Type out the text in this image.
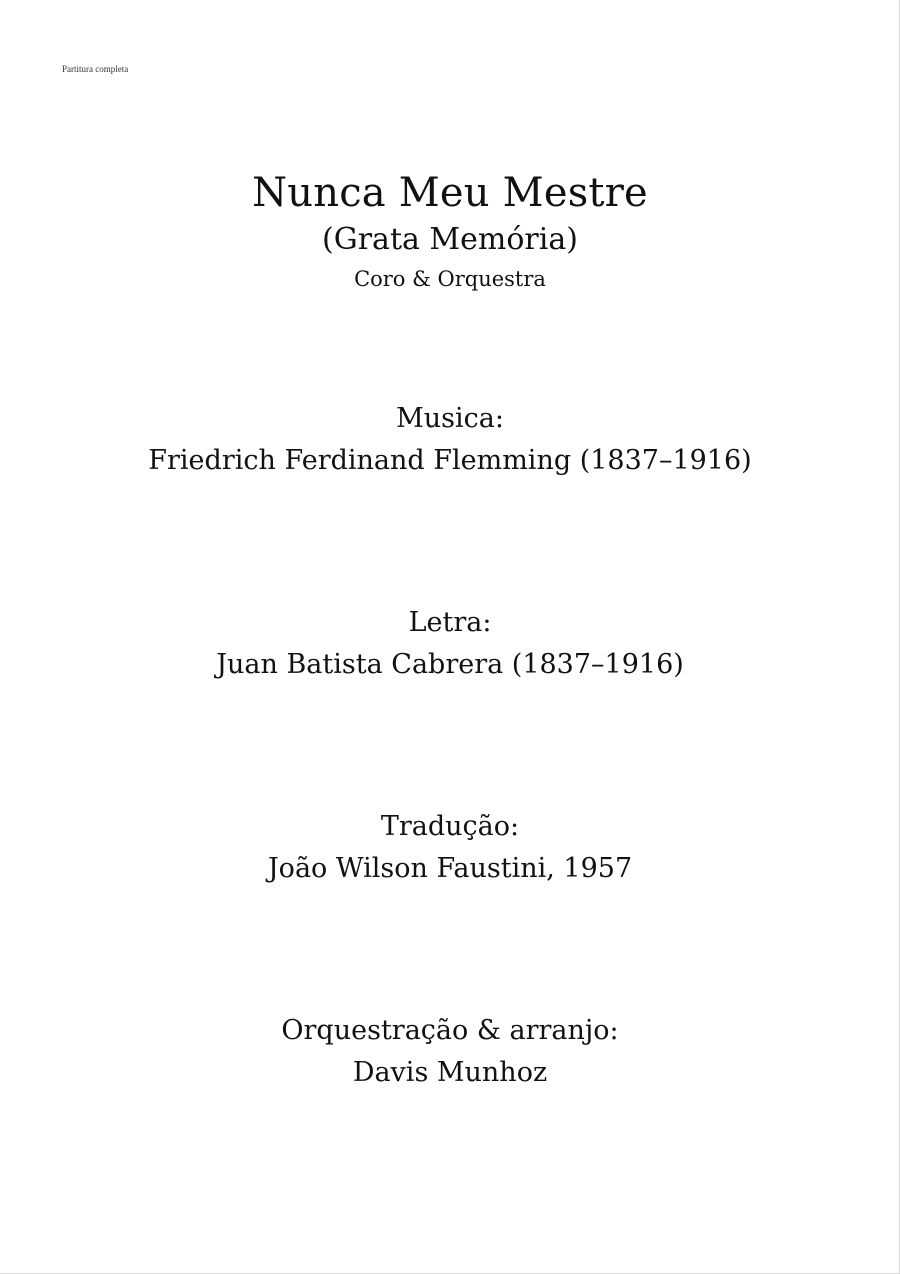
Partitura completa
Nunca Meu Mestre
(Grata Memória)
Coro & Orquestra
Musica:
Friedrich Ferdinand Flemming (1837–1916)
Letra:
Juan Batista Cabrera (1837–1916)
Tradução:
João Wilson Faustini, 1957
Orquestração & arranjo:
Davis Munhoz
